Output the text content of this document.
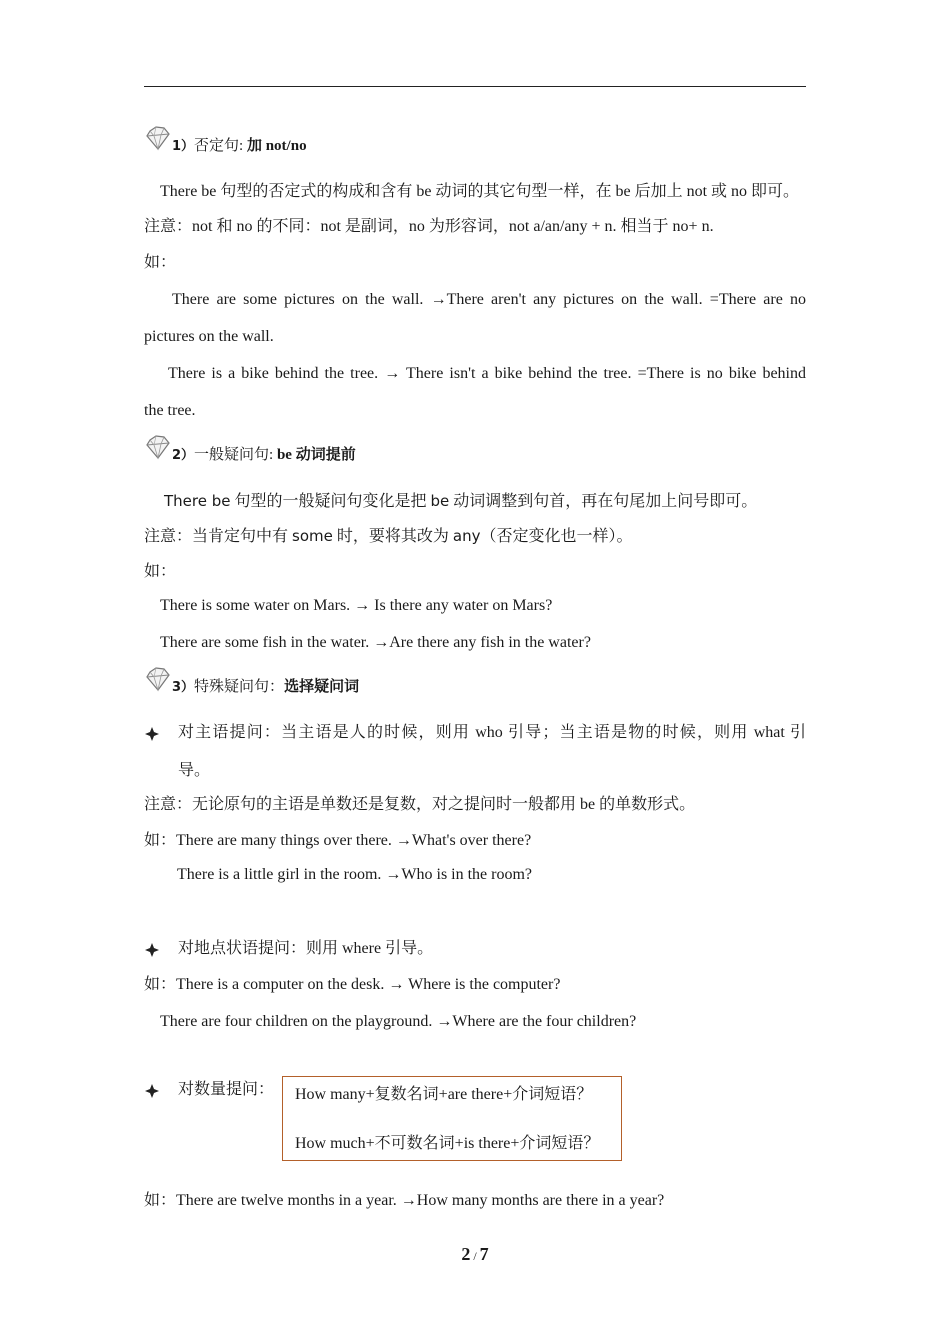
1）否定句: 加 not/no
There be 句型的否定式的构成和含有 be 动词的其它句型一样，在 be 后加上 not 或 no 即可。
注意：not 和 no 的不同：not 是副词，no 为形容词，not a/an/any + n. 相当于 no+ n.
如：
There are some pictures on the wall. →There aren't any pictures on the wall. =There are no
pictures on the wall.
There is a bike behind the tree. → There isn't a bike behind the tree. =There is no bike behind
the tree.
2）一般疑问句: be 动词提前
There be 句型的一般疑问句变化是把 be 动词调整到句首，再在句尾加上问号即可。
注意：当肯定句中有 some 时，要将其改为 any（否定变化也一样）。
如：
There is some water on Mars. → Is there any water on Mars?
There are some fish in the water. →Are there any fish in the water?
3）特殊疑问句：选择疑问词
对主语提问：当主语是人的时候，则用 who 引导；当主语是物的时候，则用 what 引
导。
注意：无论原句的主语是单数还是复数，对之提问时一般都用 be 的单数形式。
如：There are many things over there. →What's over there?
There is a little girl in the room. →Who is in the room?
对地点状语提问：则用 where 引导。
如：There is a computer on the desk. → Where is the computer?
There are four children on the playground. →Where are the four children?
对数量提问： How many+复数名词+are there+介词短语？
How much+不可数名词+is there+介词短语？
如：There are twelve months in a year. →How many months are there in a year?
2 / 7
